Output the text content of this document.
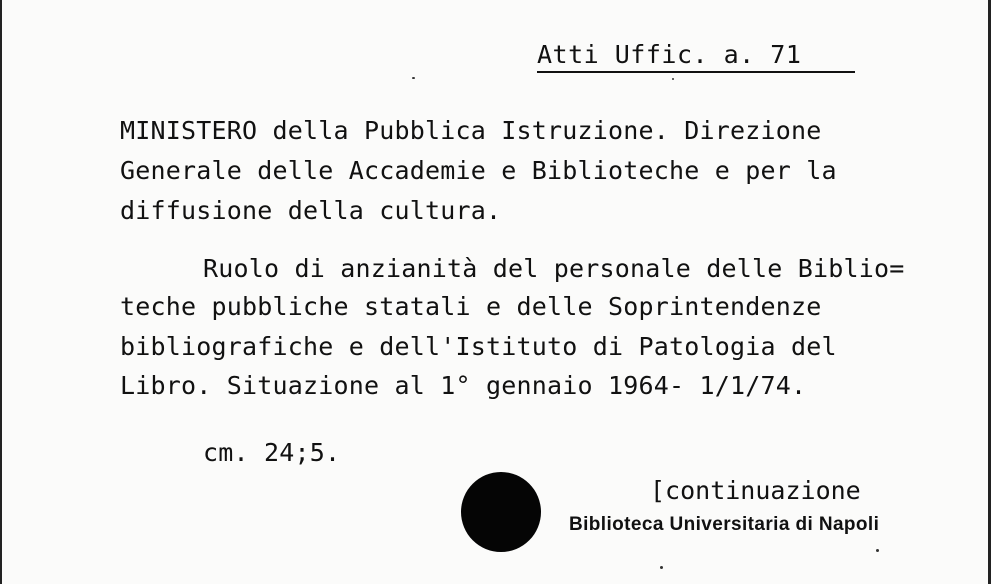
Atti Uffic. a. 71
MINISTERO della Pubblica Istruzione. Direzione
Generale delle Accademie e Biblioteche e per la
diffusione della cultura.
Ruolo di anzianità del personale delle Biblio=
teche pubbliche statali e delle Soprintendenze
bibliografiche e dell'Istituto di Patologia del
Libro. Situazione al 1° gennaio 1964- 1/1/74.
cm. 24;5.
[continuazione
Biblioteca Universitaria di Napoli
